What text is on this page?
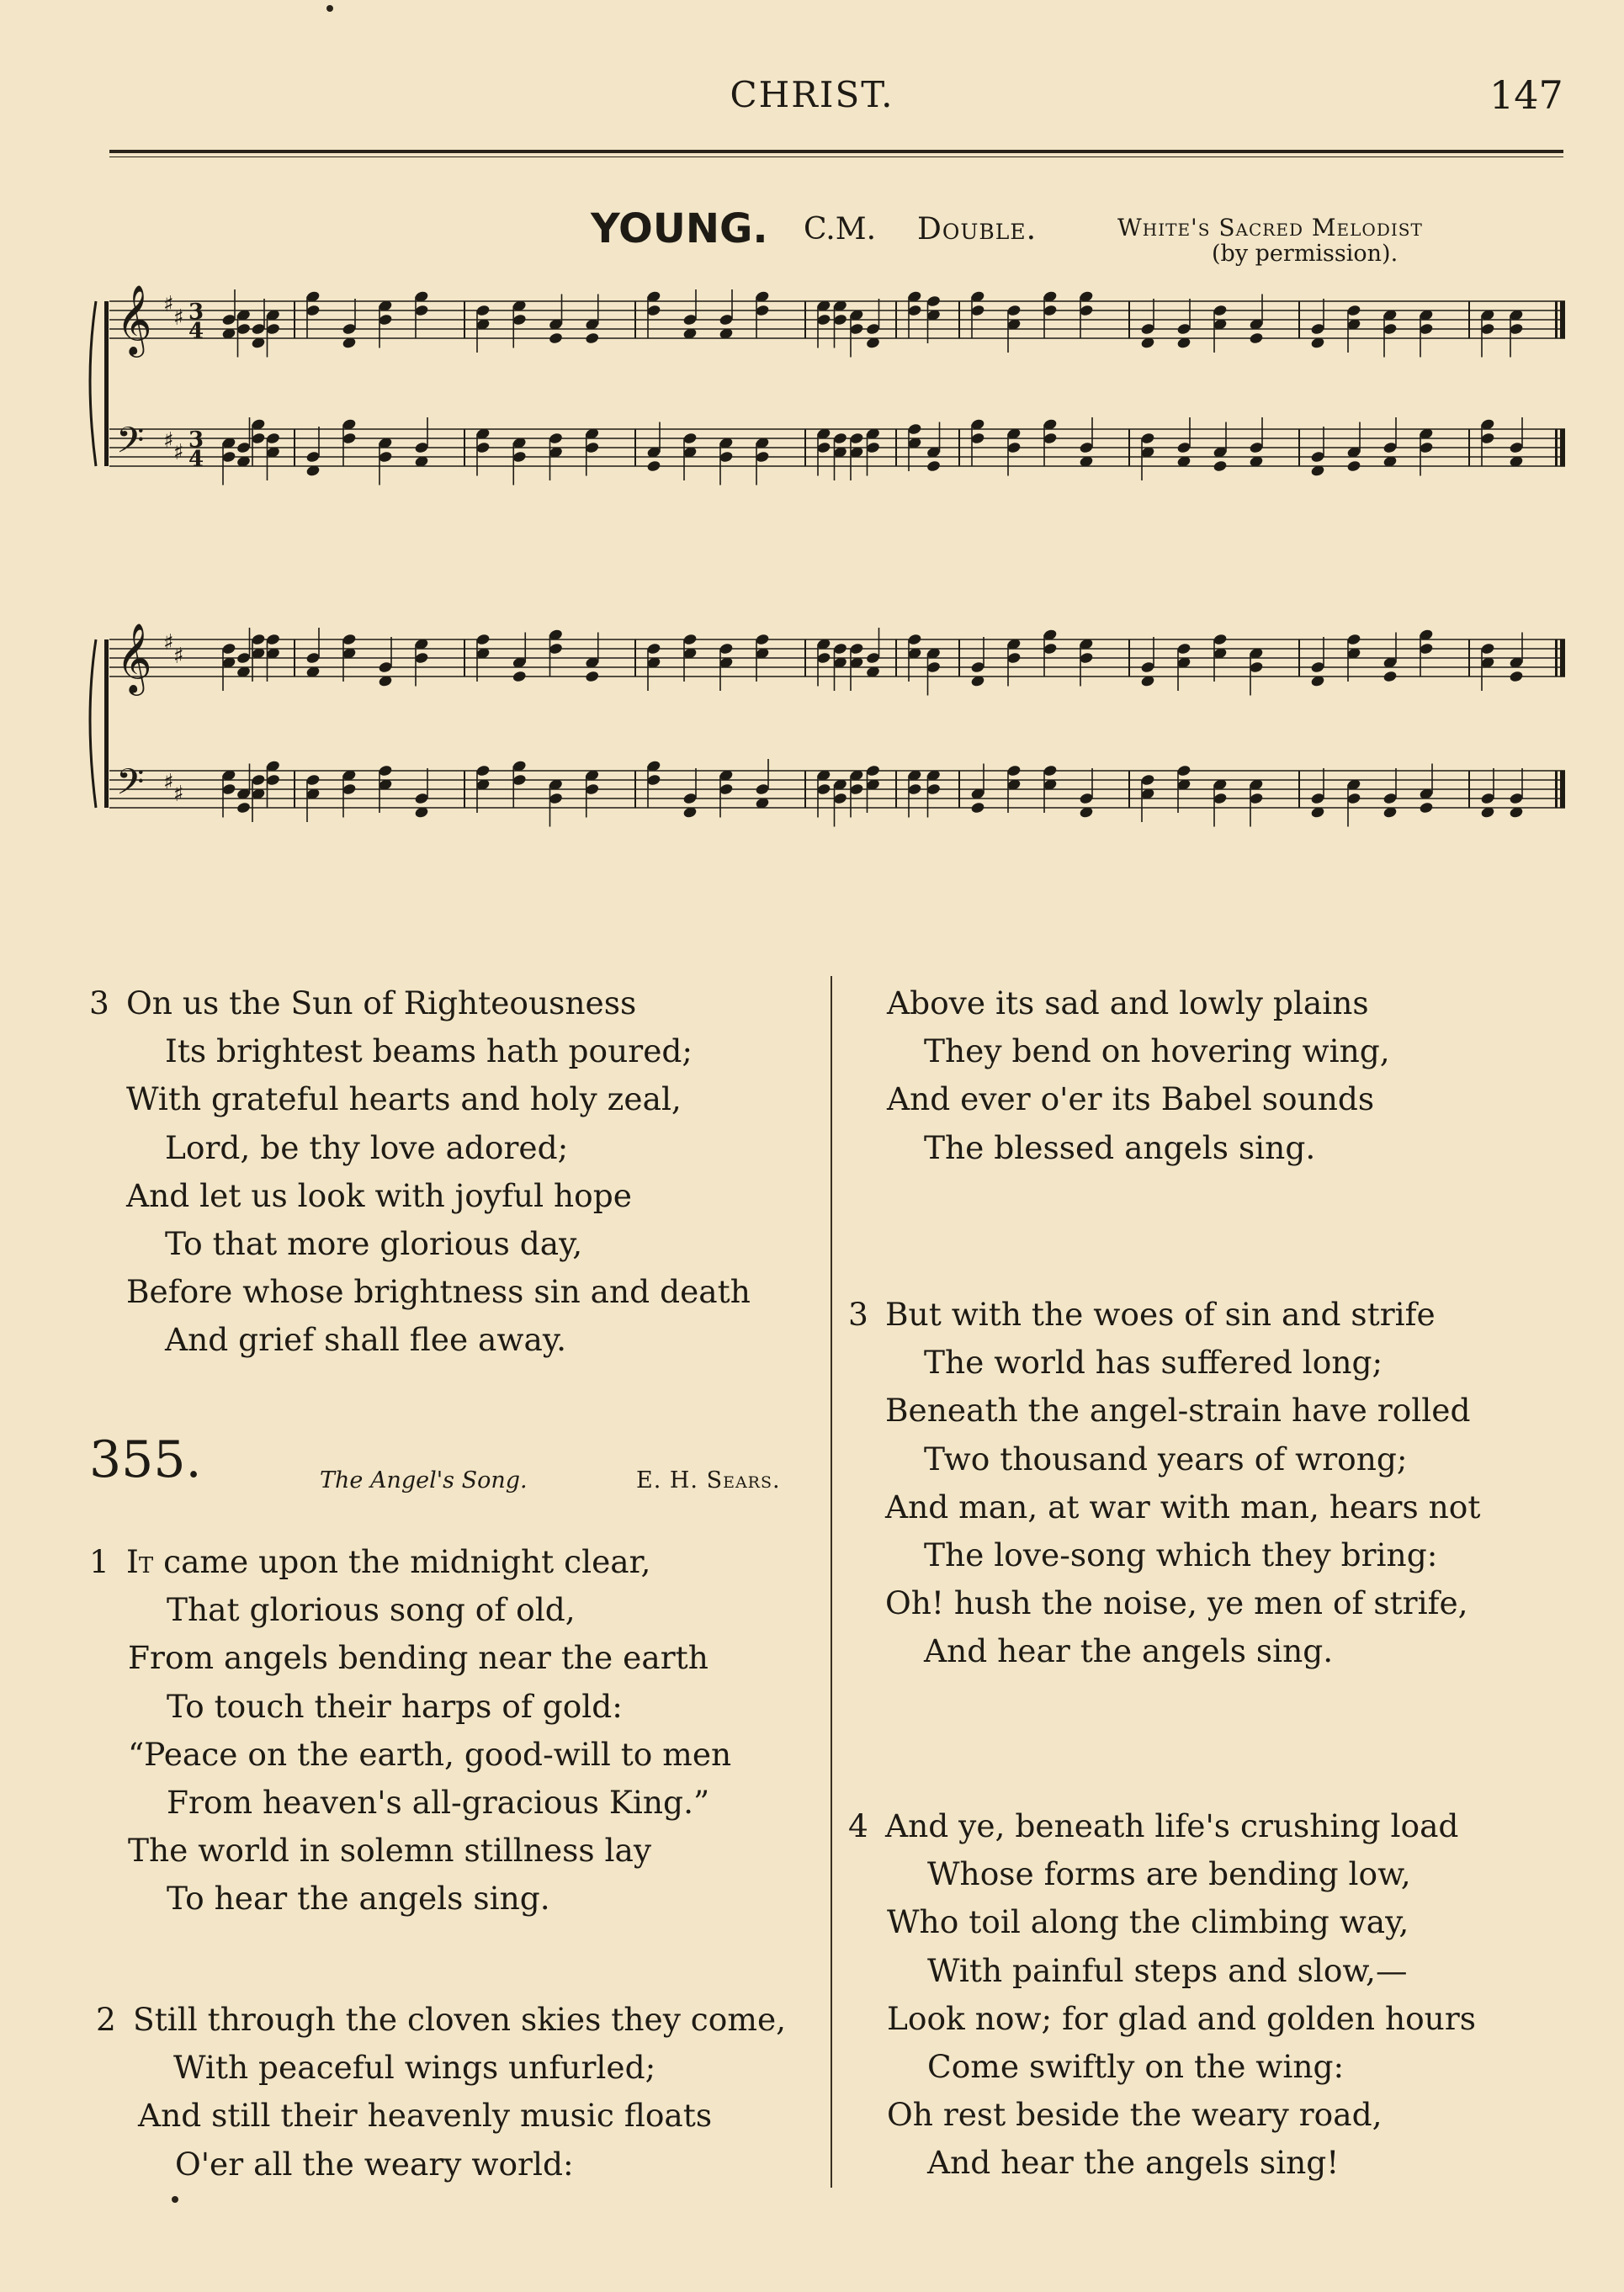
CHRIST.	147
YOUNG. C.M. Double.	White's Sacred Melodist
(by permission).
𝄞 ♯
♯ 3
4
𝄢 ♯ ♯ 3
4
𝄞 ♯
♯
𝄢 ♯ ♯
3 On us the Sun of Righteousness
Its brightest beams hath poured;
With grateful hearts and holy zeal,
Lord, be thy love adored;
And let us look with joyful hope
To that more glorious day,
Before whose brightness sin and death
And grief shall flee away.
355.	The Angel's Song.	E. H. Sears.
1 It came upon the midnight clear,
That glorious song of old,
From angels bending near the earth
To touch their harps of gold:
“Peace on the earth, good-will to men
From heaven's all-gracious King.”
The world in solemn stillness lay
To hear the angels sing.
2 Still through the cloven skies they come,
With peaceful wings unfurled;
And still their heavenly music floats
O'er all the weary world:
Above its sad and lowly plains
They bend on hovering wing,
And ever o'er its Babel sounds
The blessed angels sing.
3 But with the woes of sin and strife
The world has suffered long;
Beneath the angel-strain have rolled
Two thousand years of wrong;
And man, at war with man, hears not
The love-song which they bring:
Oh! hush the noise, ye men of strife,
And hear the angels sing.
4 And ye, beneath life's crushing load
Whose forms are bending low,
Who toil along the climbing way,
With painful steps and slow,—
Look now; for glad and golden hours
Come swiftly on the wing:
Oh rest beside the weary road,
And hear the angels sing!
